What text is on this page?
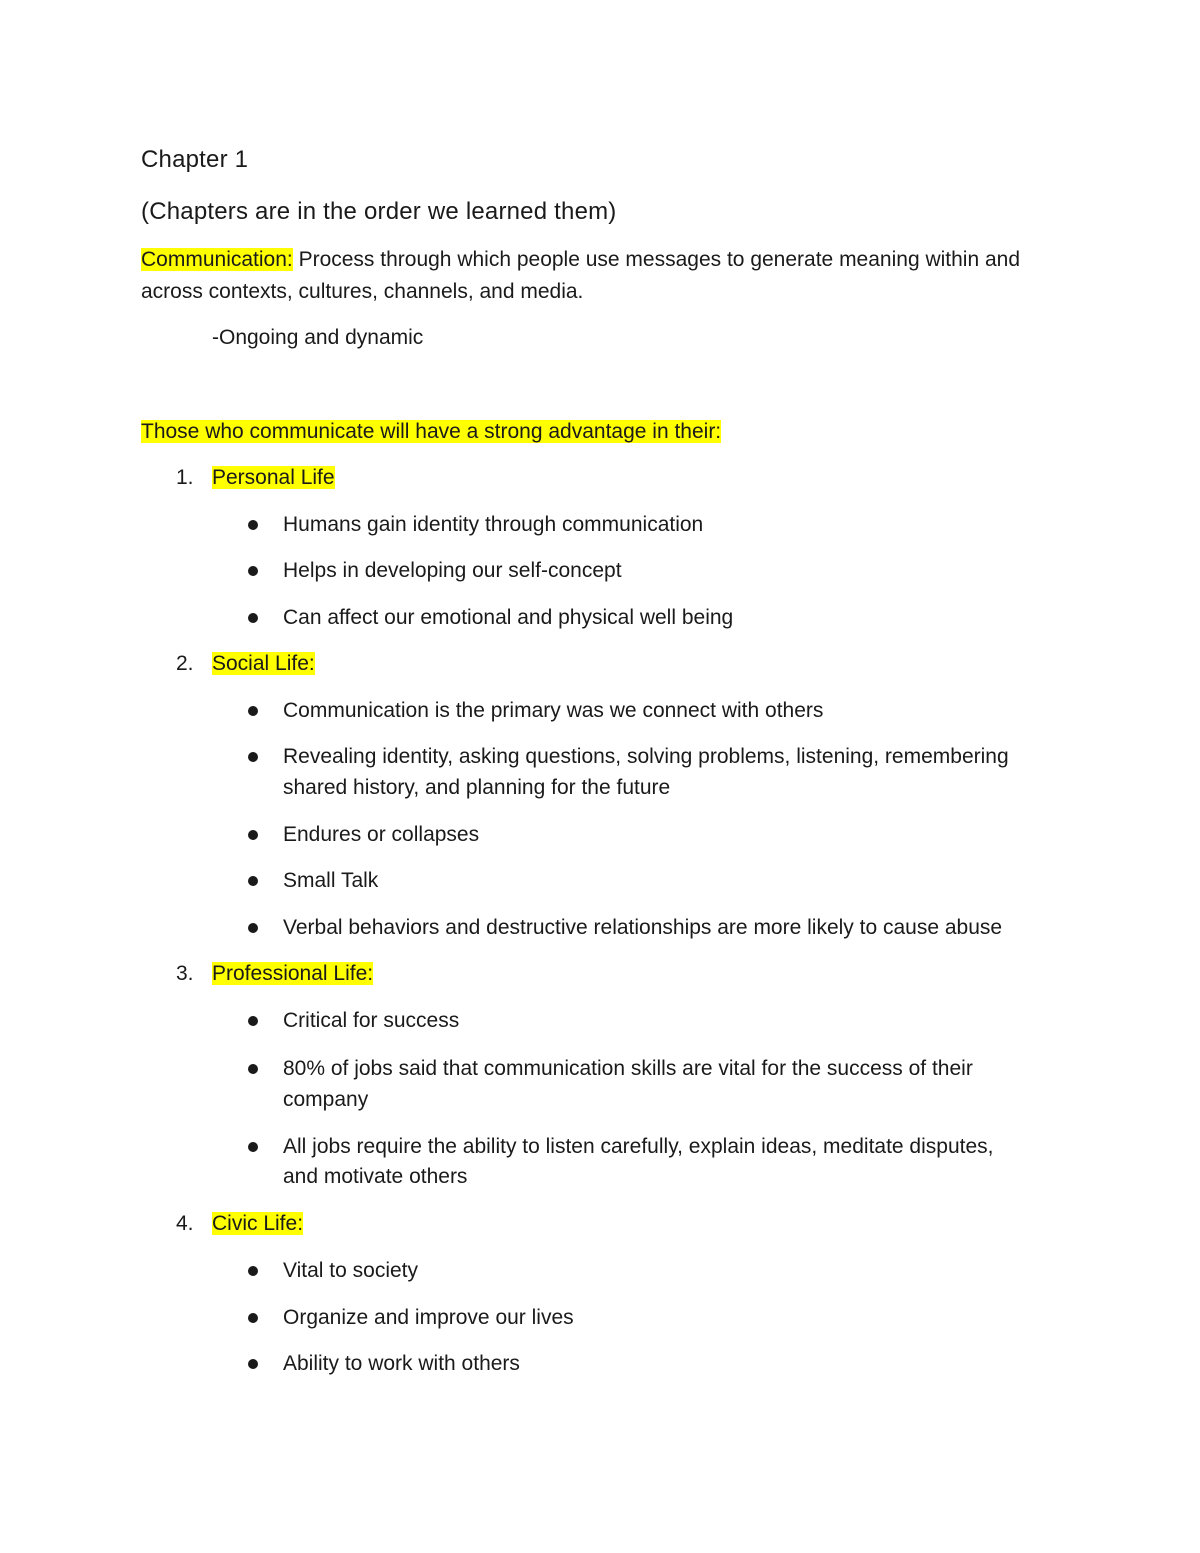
Chapter 1
(Chapters are in the order we learned them)
Communication: Process through which people use messages to generate meaning within and
across contexts, cultures, channels, and media.
-Ongoing and dynamic
Those who communicate will have a strong advantage in their:
1. Personal Life
Humans gain identity through communication
Helps in developing our self-concept
Can affect our emotional and physical well being
2. Social Life:
Communication is the primary was we connect with others
Revealing identity, asking questions, solving problems, listening, remembering
shared history, and planning for the future
Endures or collapses
Small Talk
Verbal behaviors and destructive relationships are more likely to cause abuse
3. Professional Life:
Critical for success
80% of jobs said that communication skills are vital for the success of their
company
All jobs require the ability to listen carefully, explain ideas, meditate disputes,
and motivate others
4. Civic Life:
Vital to society
Organize and improve our lives
Ability to work with others
